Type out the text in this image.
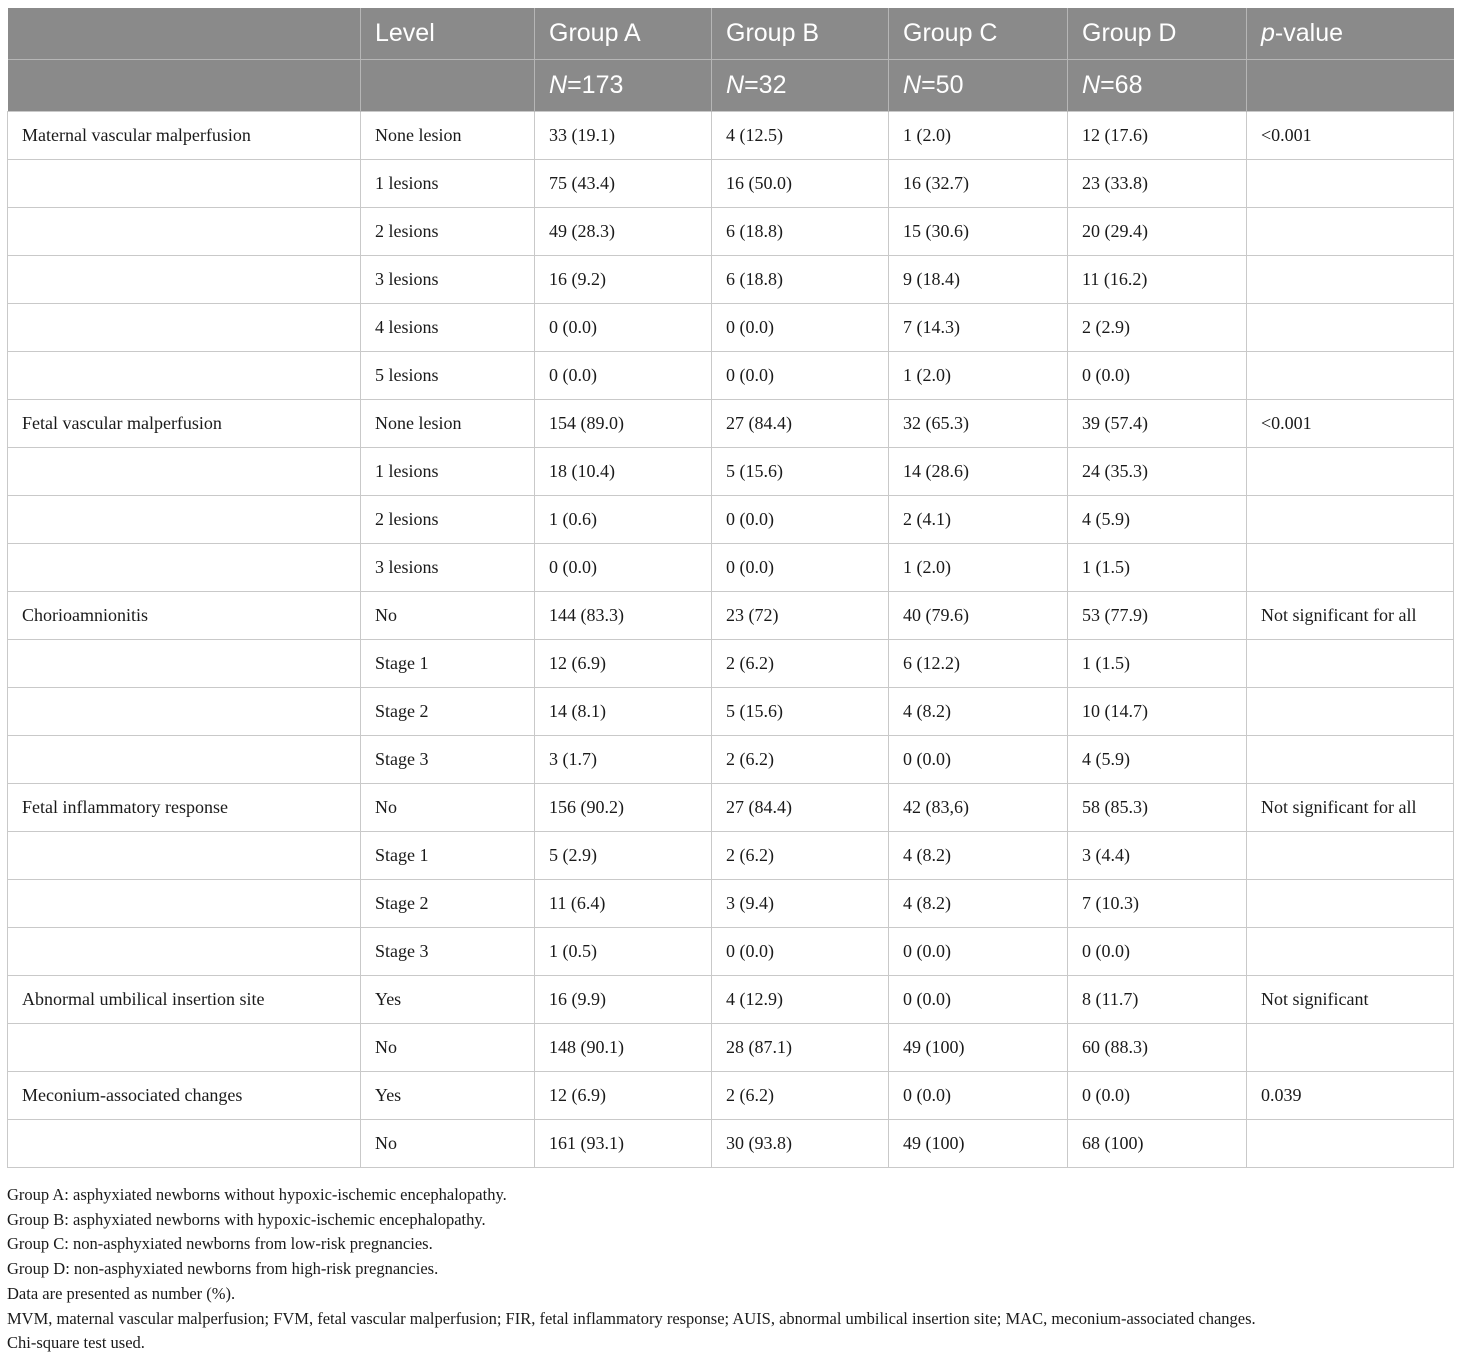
	Level	Group A	Group B	Group C	Group D	p-value
		N=173	N=32	N=50	N=68	
Maternal vascular malperfusion	None lesion	33 (19.1)	4 (12.5)	1 (2.0)	12 (17.6)	<0.001
	1 lesions	75 (43.4)	16 (50.0)	16 (32.7)	23 (33.8)	
	2 lesions	49 (28.3)	6 (18.8)	15 (30.6)	20 (29.4)	
	3 lesions	16 (9.2)	6 (18.8)	9 (18.4)	11 (16.2)	
	4 lesions	0 (0.0)	0 (0.0)	7 (14.3)	2 (2.9)	
	5 lesions	0 (0.0)	0 (0.0)	1 (2.0)	0 (0.0)	
Fetal vascular malperfusion	None lesion	154 (89.0)	27 (84.4)	32 (65.3)	39 (57.4)	<0.001
	1 lesions	18 (10.4)	5 (15.6)	14 (28.6)	24 (35.3)	
	2 lesions	1 (0.6)	0 (0.0)	2 (4.1)	4 (5.9)	
	3 lesions	0 (0.0)	0 (0.0)	1 (2.0)	1 (1.5)	
Chorioamnionitis	No	144 (83.3)	23 (72)	40 (79.6)	53 (77.9)	Not significant for all
	Stage 1	12 (6.9)	2 (6.2)	6 (12.2)	1 (1.5)	
	Stage 2	14 (8.1)	5 (15.6)	4 (8.2)	10 (14.7)	
	Stage 3	3 (1.7)	2 (6.2)	0 (0.0)	4 (5.9)	
Fetal inflammatory response	No	156 (90.2)	27 (84.4)	42 (83,6)	58 (85.3)	Not significant for all
	Stage 1	5 (2.9)	2 (6.2)	4 (8.2)	3 (4.4)	
	Stage 2	11 (6.4)	3 (9.4)	4 (8.2)	7 (10.3)	
	Stage 3	1 (0.5)	0 (0.0)	0 (0.0)	0 (0.0)	
Abnormal umbilical insertion site	Yes	16 (9.9)	4 (12.9)	0 (0.0)	8 (11.7)	Not significant
	No	148 (90.1)	28 (87.1)	49 (100)	60 (88.3)	
Meconium-associated changes	Yes	12 (6.9)	2 (6.2)	0 (0.0)	0 (0.0)	0.039
	No	161 (93.1)	30 (93.8)	49 (100)	68 (100)	
Group A: asphyxiated newborns without hypoxic-ischemic encephalopathy.
Group B: asphyxiated newborns with hypoxic-ischemic encephalopathy.
Group C: non-asphyxiated newborns from low-risk pregnancies.
Group D: non-asphyxiated newborns from high-risk pregnancies.
Data are presented as number (%).
MVM, maternal vascular malperfusion; FVM, fetal vascular malperfusion; FIR, fetal inflammatory response; AUIS, abnormal umbilical insertion site; MAC, meconium-associated changes.
Chi-square test used.
